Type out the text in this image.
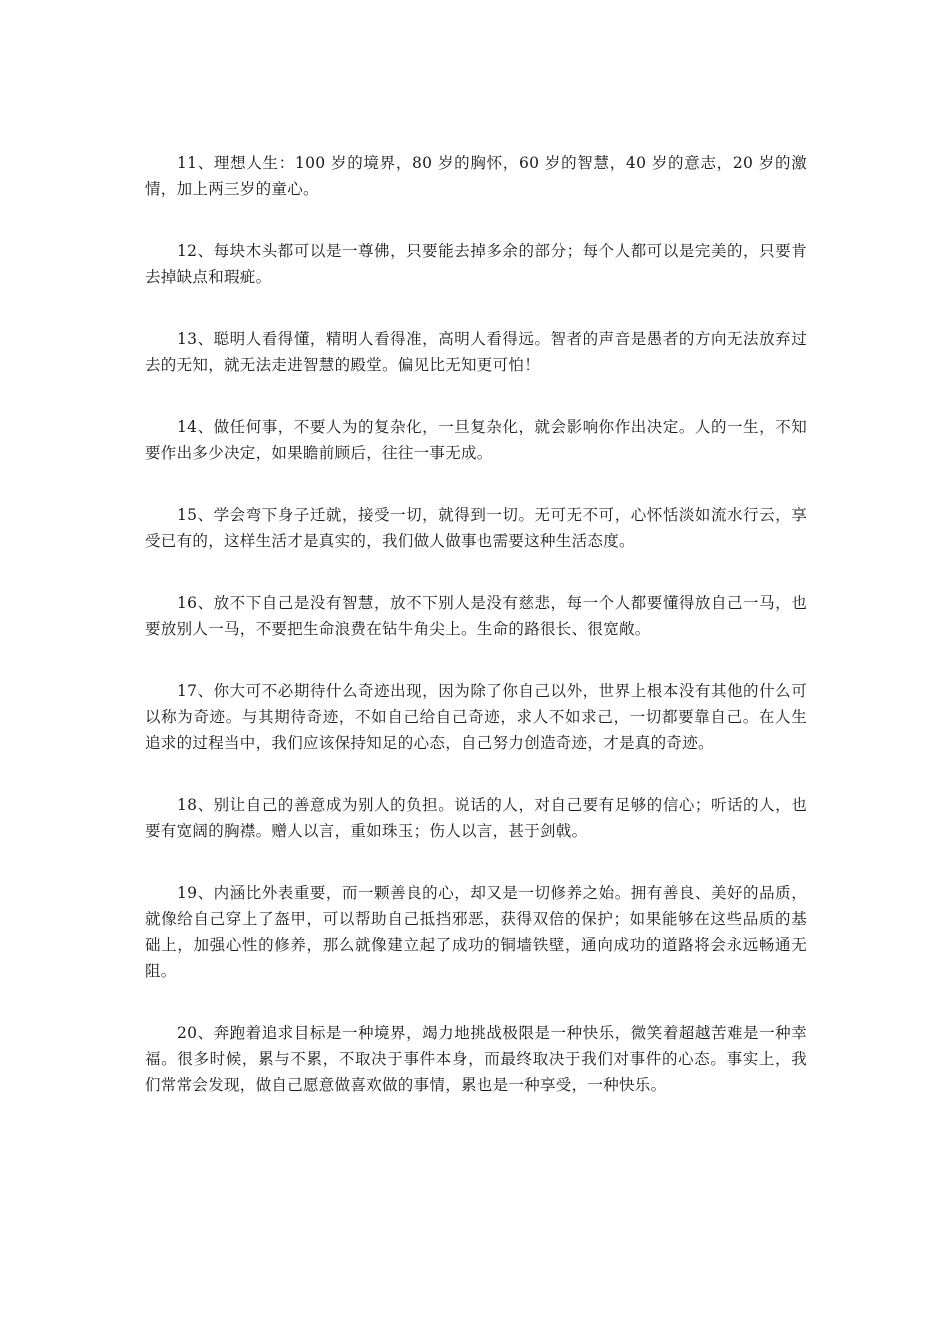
11、理想人生：100 岁的境界，80 岁的胸怀，60 岁的智慧，40 岁的意志，20 岁的激情，加上两三岁的童心。

12、每块木头都可以是一尊佛，只要能去掉多余的部分；每个人都可以是完美的，只要肯去掉缺点和瑕疵。

13、聪明人看得懂，精明人看得准，高明人看得远。智者的声音是愚者的方向无法放弃过去的无知，就无法走进智慧的殿堂。偏见比无知更可怕！

14、做任何事，不要人为的复杂化，一旦复杂化，就会影响你作出决定。人的一生，不知要作出多少决定，如果瞻前顾后，往往一事无成。

15、学会弯下身子迁就，接受一切，就得到一切。无可无不可，心怀恬淡如流水行云，享受已有的，这样生活才是真实的，我们做人做事也需要这种生活态度。

16、放不下自己是没有智慧，放不下别人是没有慈悲，每一个人都要懂得放自己一马，也要放别人一马，不要把生命浪费在钻牛角尖上。生命的路很长、很宽敞。

17、你大可不必期待什么奇迹出现，因为除了你自己以外，世界上根本没有其他的什么可以称为奇迹。与其期待奇迹，不如自己给自己奇迹，求人不如求己，一切都要靠自己。在人生追求的过程当中，我们应该保持知足的心态，自己努力创造奇迹，才是真的奇迹。

18、别让自己的善意成为别人的负担。说话的人，对自己要有足够的信心；听话的人，也要有宽阔的胸襟。赠人以言，重如珠玉；伤人以言，甚于剑戟。

19、内涵比外表重要，而一颗善良的心，却又是一切修养之始。拥有善良、美好的品质，就像给自己穿上了盔甲，可以帮助自己抵挡邪恶，获得双倍的保护；如果能够在这些品质的基础上，加强心性的修养，那么就像建立起了成功的铜墙铁壁，通向成功的道路将会永远畅通无阻。

20、奔跑着追求目标是一种境界，竭力地挑战极限是一种快乐，微笑着超越苦难是一种幸福。很多时候，累与不累，不取决于事件本身，而最终取决于我们对事件的心态。事实上，我们常常会发现，做自己愿意做喜欢做的事情，累也是一种享受，一种快乐。
